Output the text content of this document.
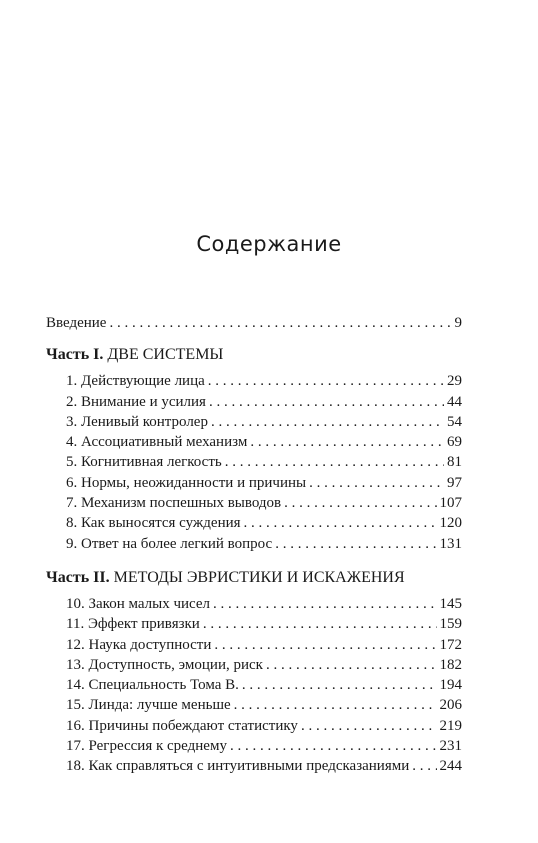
Содержание
Введение . . .	9
Часть I. ДВЕ СИСТЕМЫ
1. Действующие лица . . .	29
2. Внимание и усилия . . .	44
3. Ленивый контролер . . .	54
4. Ассоциативный механизм . . .	69
5. Когнитивная легкость . . .	81
6. Нормы, неожиданности и причины . . .	97
7. Механизм поспешных выводов . . .	107
8. Как выносятся суждения . . .	120
9. Ответ на более легкий вопрос . . .	131
Часть II. МЕТОДЫ ЭВРИСТИКИ И ИСКАЖЕНИЯ
10. Закон малых чисел . . .	145
11. Эффект привязки . . .	159
12. Наука доступности . . .	172
13. Доступность, эмоции, риск . . .	182
14. Специальность Тома В. . . .	194
15. Линда: лучше меньше . . .	206
16. Причины побеждают статистику . . .	219
17. Регрессия к среднему . . .	231
18. Как справляться с интуитивными предсказаниями . . . 244
